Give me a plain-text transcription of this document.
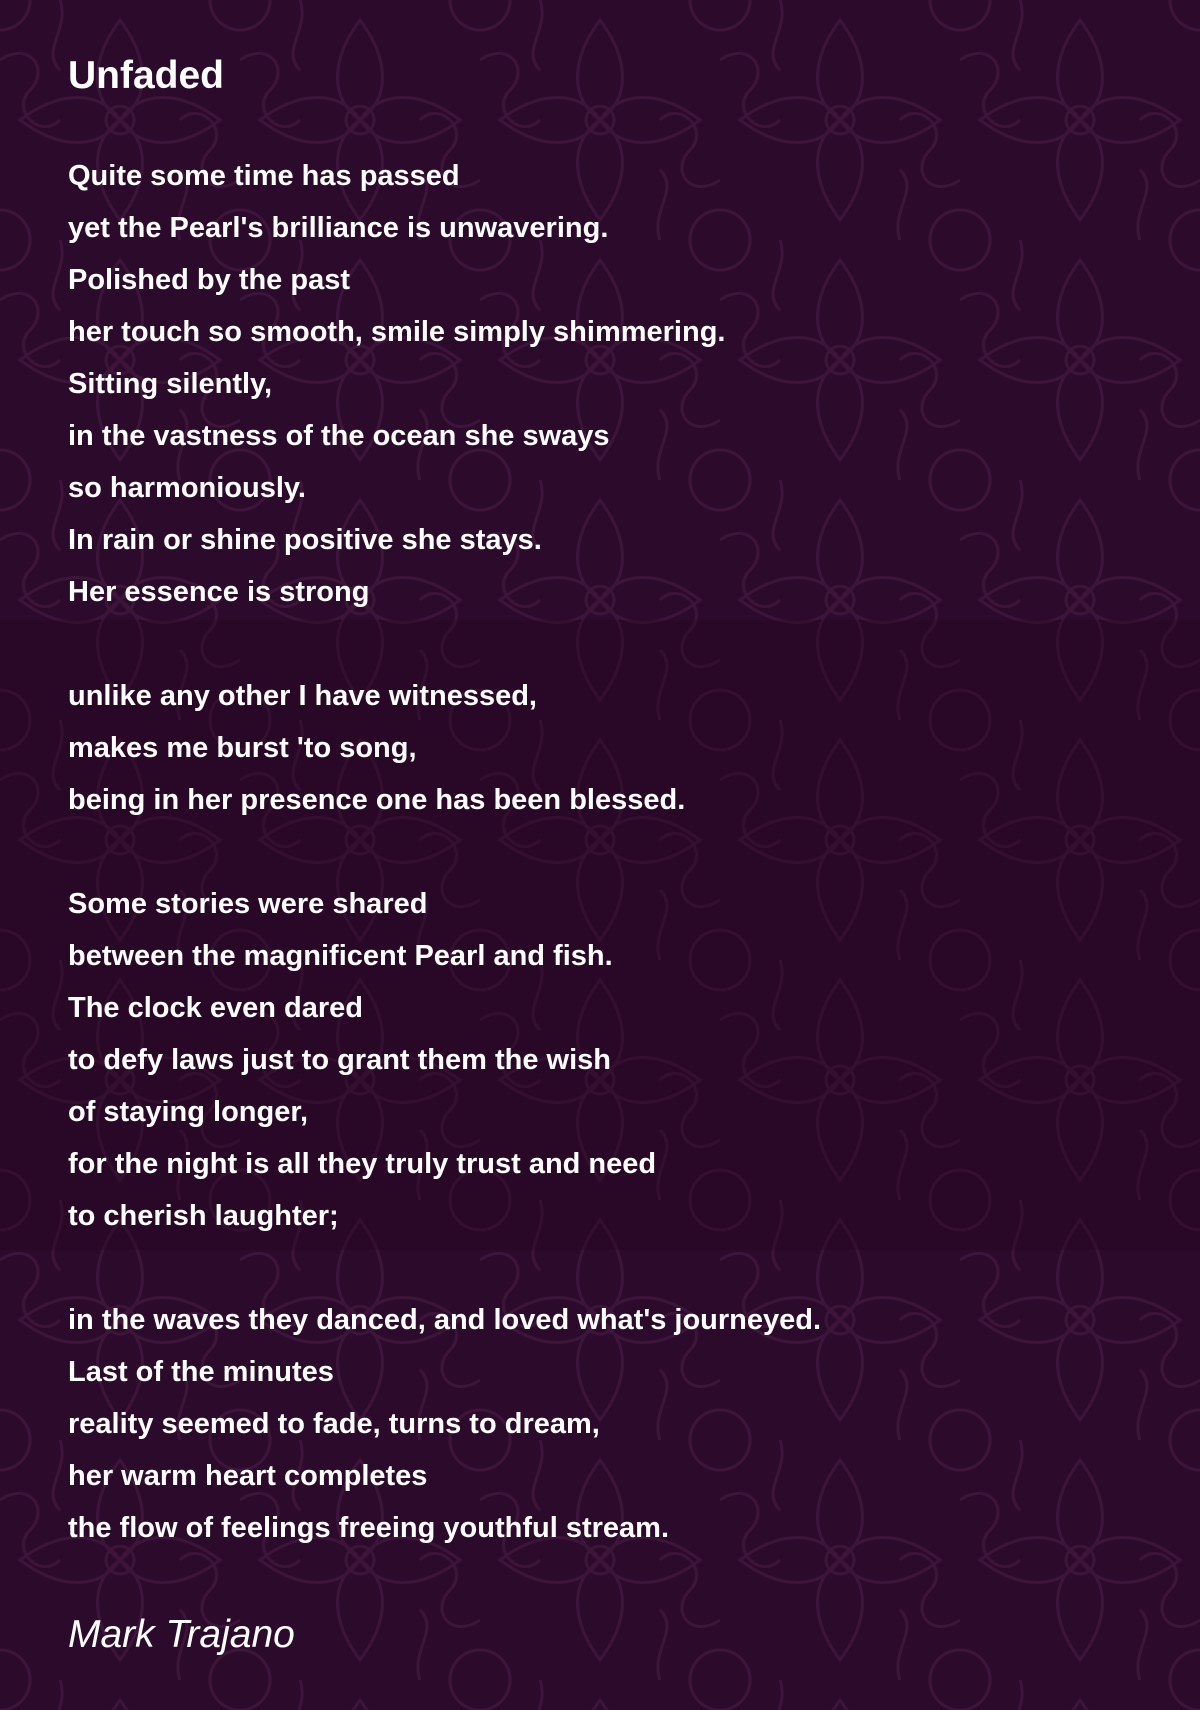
Unfaded
Quite some time has passed
yet the Pearl's brilliance is unwavering.
Polished by the past
her touch so smooth, smile simply shimmering.
Sitting silently,
in the vastness of the ocean she sways
so harmoniously.
In rain or shine positive she stays.
Her essence is strong
unlike any other I have witnessed,
makes me burst 'to song,
being in her presence one has been blessed.
Some stories were shared
between the magnificent Pearl and fish.
The clock even dared
to defy laws just to grant them the wish
of staying longer,
for the night is all they truly trust and need
to cherish laughter;
in the waves they danced, and loved what's journeyed.
Last of the minutes
reality seemed to fade, turns to dream,
her warm heart completes
the flow of feelings freeing youthful stream.
Mark Trajano
